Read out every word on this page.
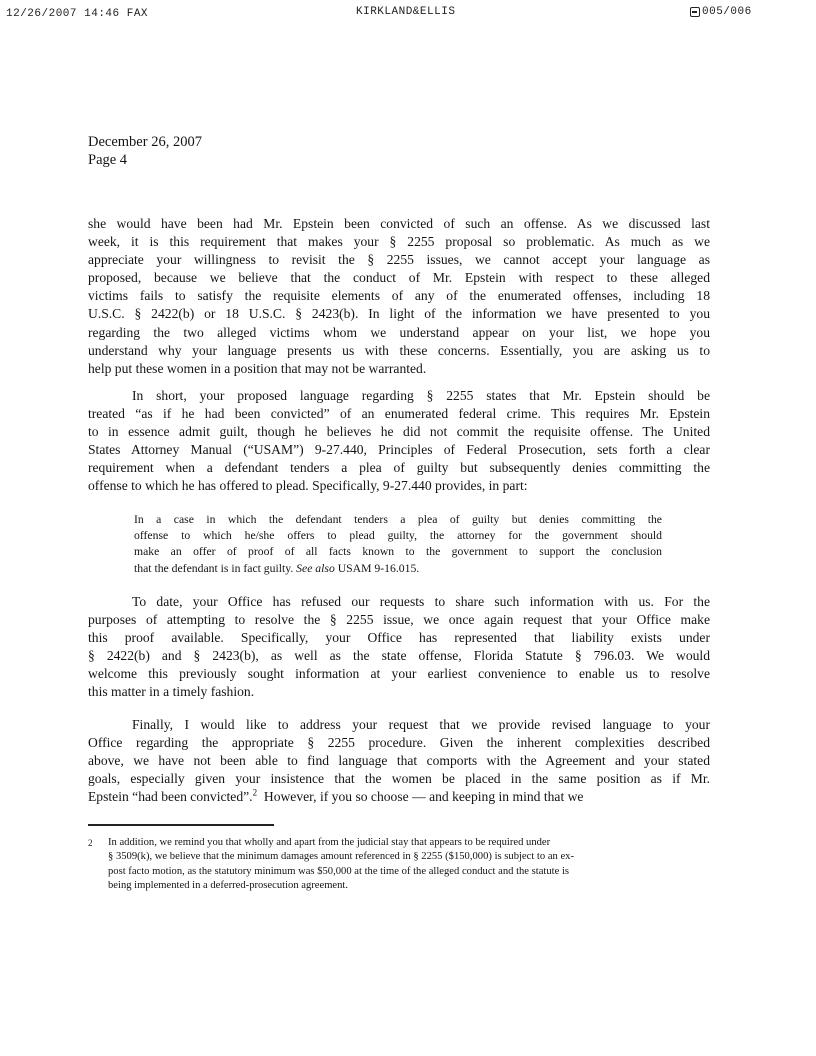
12/26/2007 14:46 FAX	KIRKLAND&ELLIS	005/006
December 26, 2007
Page 4
she would have been had Mr. Epstein been convicted of such an offense. As we discussed last
week, it is this requirement that makes your § 2255 proposal so problematic. As much as we
appreciate your willingness to revisit the § 2255 issues, we cannot accept your language as
proposed, because we believe that the conduct of Mr. Epstein with respect to these alleged
victims fails to satisfy the requisite elements of any of the enumerated offenses, including 18
U.S.C. § 2422(b) or 18 U.S.C. § 2423(b). In light of the information we have presented to you
regarding the two alleged victims whom we understand appear on your list, we hope you
understand why your language presents us with these concerns. Essentially, you are asking us to
help put these women in a position that may not be warranted.
In short, your proposed language regarding § 2255 states that Mr. Epstein should be
treated “as if he had been convicted” of an enumerated federal crime. This requires Mr. Epstein
to in essence admit guilt, though he believes he did not commit the requisite offense. The United
States Attorney Manual (“USAM”) 9-27.440, Principles of Federal Prosecution, sets forth a clear
requirement when a defendant tenders a plea of guilty but subsequently denies committing the
offense to which he has offered to plead. Specifically, 9-27.440 provides, in part:
In a case in which the defendant tenders a plea of guilty but denies committing the
offense to which he/she offers to plead guilty, the attorney for the government should
make an offer of proof of all facts known to the government to support the conclusion
that the defendant is in fact guilty. See also USAM 9-16.015.
To date, your Office has refused our requests to share such information with us. For the
purposes of attempting to resolve the § 2255 issue, we once again request that your Office make
this proof available. Specifically, your Office has represented that liability exists under
§ 2422(b) and § 2423(b), as well as the state offense, Florida Statute § 796.03. We would
welcome this previously sought information at your earliest convenience to enable us to resolve
this matter in a timely fashion.
Finally, I would like to address your request that we provide revised language to your
Office regarding the appropriate § 2255 procedure. Given the inherent complexities described
above, we have not been able to find language that comports with the Agreement and your stated
goals, especially given your insistence that the women be placed in the same position as if Mr.
Epstein “had been convicted”.$^2$ However, if you so choose — and keeping in mind that we
2 In addition, we remind you that wholly and apart from the judicial stay that appears to be required under
§ 3509(k), we believe that the minimum damages amount referenced in § 2255 ($150,000) is subject to an ex-
post facto motion, as the statutory minimum was $50,000 at the time of the alleged conduct and the statute is
being implemented in a deferred-prosecution agreement.
